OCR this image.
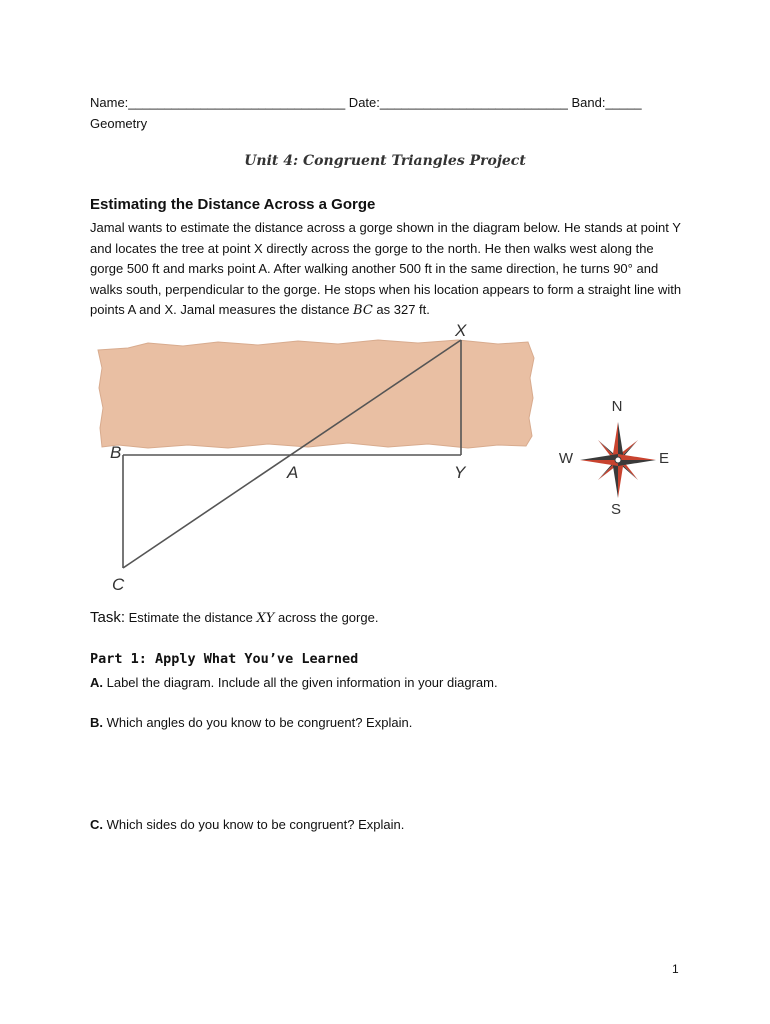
Name:______________________________ Date:__________________________ Band:_____
Geometry
Unit 4: Congruent Triangles Project
Estimating the Distance Across a Gorge
Jamal wants to estimate the distance across a gorge shown in the diagram below. He stands at point Y and locates the tree at point X directly across the gorge to the north. He then walks west along the gorge 500 ft and marks point A. After walking another 500 ft in the same direction, he turns 90° and walks south, perpendicular to the gorge. He stops when his location appears to form a straight line with points A and X. Jamal measures the distance BC as 327 ft.
X
B
A	Y
C
N
S
E
W
Task: Estimate the distance XY across the gorge.
Part 1: Apply What You’ve Learned
A. Label the diagram. Include all the given information in your diagram.
B. Which angles do you know to be congruent? Explain.
C. Which sides do you know to be congruent? Explain.
1
